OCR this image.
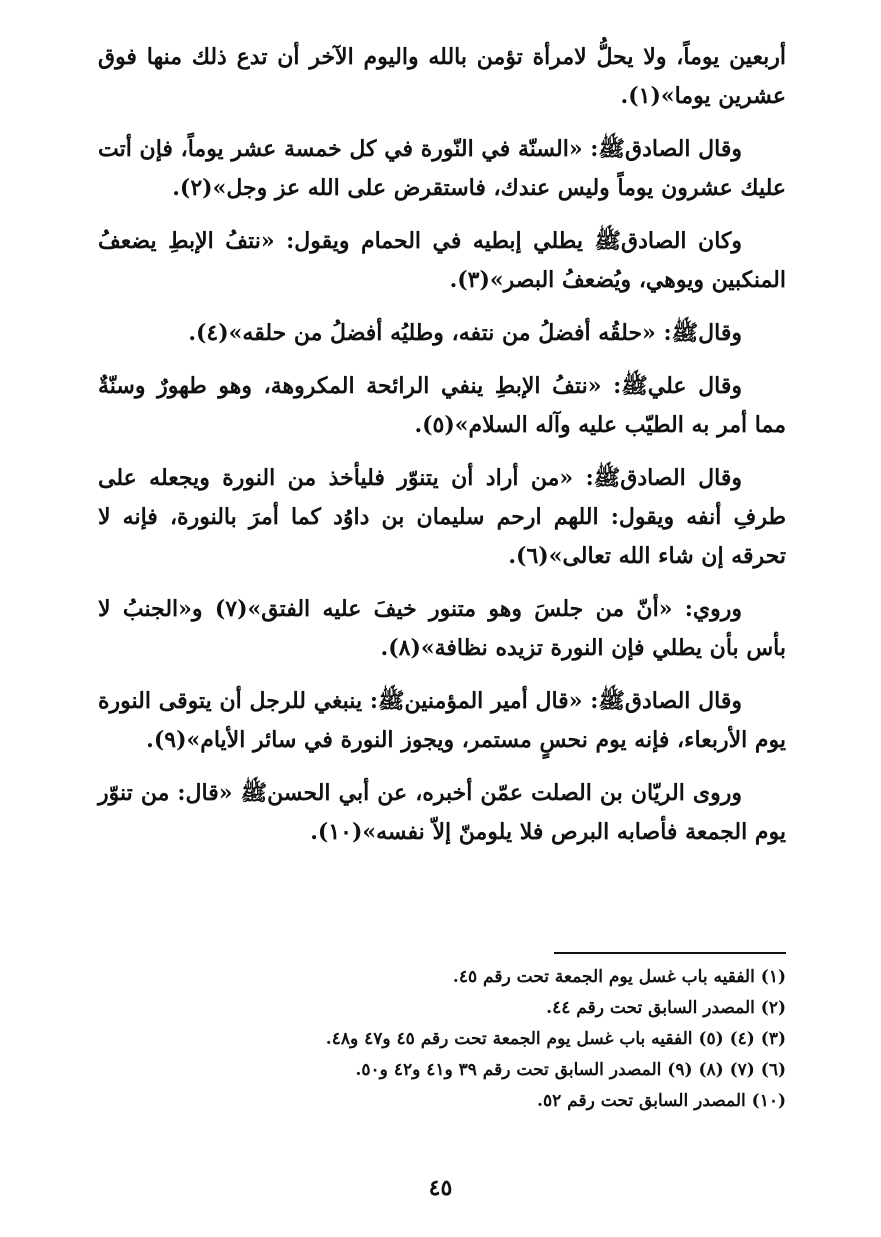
أربعين يوماً، ولا يحلُّ لامرأة تؤمن بالله واليوم الآخر أن تدع ذلك منها فوق عشرين يوما»(١).

وقال الصادقﷺ: «السنّة في النّورة في كل خمسة عشر يوماً، فإن أتت عليك عشرون يوماً وليس عندك، فاستقرض على الله عز وجل»(٢).

وكان الصادقﷺ يطلي إبطيه في الحمام ويقول: «نتفُ الإبطِ يضعفُ المنكبين ويوهي، ويُضعفُ البصر»(٣).

وقالﷺ: «حلقُه أفضلُ من نتفه، وطليُه أفضلُ من حلقه»(٤).

وقال عليﷺ: «نتفُ الإبطِ ينفي الرائحة المكروهة، وهو طهورٌ وسنّةٌ مما أمر به الطيّب عليه وآله السلام»(٥).

وقال الصادقﷺ: «من أراد أن يتنوّر فليأخذ من النورة ويجعله على طرفِ أنفه ويقول: اللهم ارحم سليمان بن داوُد كما أمرَ بالنورة، فإنه لا تحرقه إن شاء الله تعالى»(٦).

وروي: «أنّ من جلسَ وهو متنور خيفَ عليه الفتق»(٧) و«الجنبُ لا بأس بأن يطلي فإن النورة تزيده نظافة»(٨).

وقال الصادقﷺ: «قال أمير المؤمنينﷺ: ينبغي للرجل أن يتوقى النورة يوم الأربعاء، فإنه يوم نحسٍ مستمر، ويجوز النورة في سائر الأيام»(٩).

وروى الريّان بن الصلت عمّن أخبره، عن أبي الحسنﷺ «قال: من تنوّر يوم الجمعة فأصابه البرص فلا يلومنّ إلاّ نفسه»(١٠).

(١) الفقيه باب غسل يوم الجمعة تحت رقم ٤٥.

(٢) المصدر السابق تحت رقم ٤٤.

(٣) (٤) (٥) الفقيه باب غسل يوم الجمعة تحت رقم ٤٥ و٤٧ و٤٨.

(٦) (٧) (٨) (٩) المصدر السابق تحت رقم ٣٩ و٤١ و٤٢ و٥٠.

(١٠) المصدر السابق تحت رقم ٥٢.

٤٥
